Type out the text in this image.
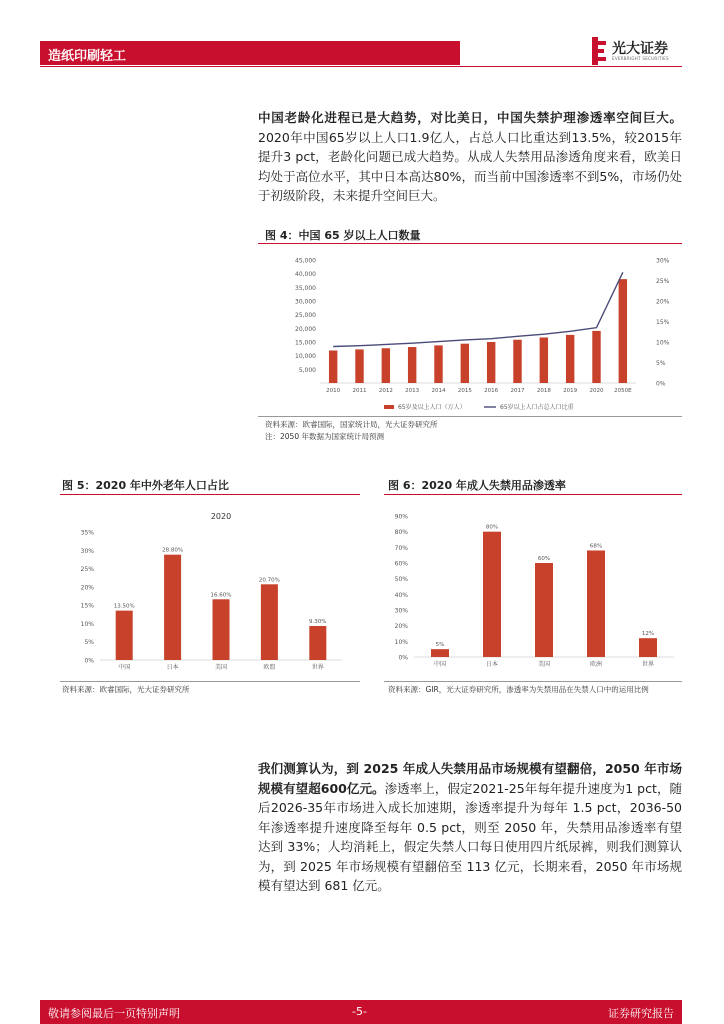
造纸印刷轻工	光大证券
EVERBRIGHT SECURITIES
中国老龄化进程已是大趋势，对比美日，中国失禁护理渗透率空间巨大。2020年中国65岁以上人口1.9亿人，占总人口比重达到13.5%，较2015年提升3 pct，老龄化问题已成大趋势。从成人失禁用品渗透角度来看，欧美日均处于高位水平，其中日本高达80%，而当前中国渗透率不到5%，市场仍处于初级阶段，未来提升空间巨大。
图 4：中国 65 岁以上人口数量
5,000
10,000
15,000
20,000
25,000
30,000
35,000
40,000
45,000
0%
5%
10%
15%
20%
25%
30%
2010 2011 2012 2013 2014 2015 2016 2017 2018 2019 2020 2050E
65岁及以上人口（万人）	65岁以上人口占总人口比重
资料来源：欧睿国际，国家统计局，光大证券研究所
注：2050 年数据为国家统计局预测
图 5：2020 年中外老年人口占比
2020
0%
5%
10%
15%
20%
25%
30%
35%
13.50%
中国
28.80%
日本
16.60%
美国
20.70%
欧盟
9.30%
世界
资料来源：欧睿国际，光大证券研究所
图 6：2020 年成人失禁用品渗透率
0%
10%
20%
30%
40%
50%
60%
70%
80%
90%
5%
中国
80%
日本
60%
美国
68%
欧洲
12%
世界
资料来源：GIR，光大证券研究所，渗透率为失禁用品在失禁人口中的运用比例
我们测算认为，到 2025 年成人失禁用品市场规模有望翻倍，2050 年市场规模有望超600亿元。渗透率上，假定2021-25年每年提升速度为1 pct，随后2026-35年市场进入成长加速期，渗透率提升为每年 1.5 pct，2036-50 年渗透率提升速度降至每年 0.5 pct，则至 2050 年，失禁用品渗透率有望达到 33%；人均消耗上，假定失禁人口每日使用四片纸尿裤，则我们测算认为，到 2025 年市场规模有望翻倍至 113 亿元，长期来看，2050 年市场规模有望达到 681 亿元。
敬请参阅最后一页特别声明	-5-	证券研究报告
